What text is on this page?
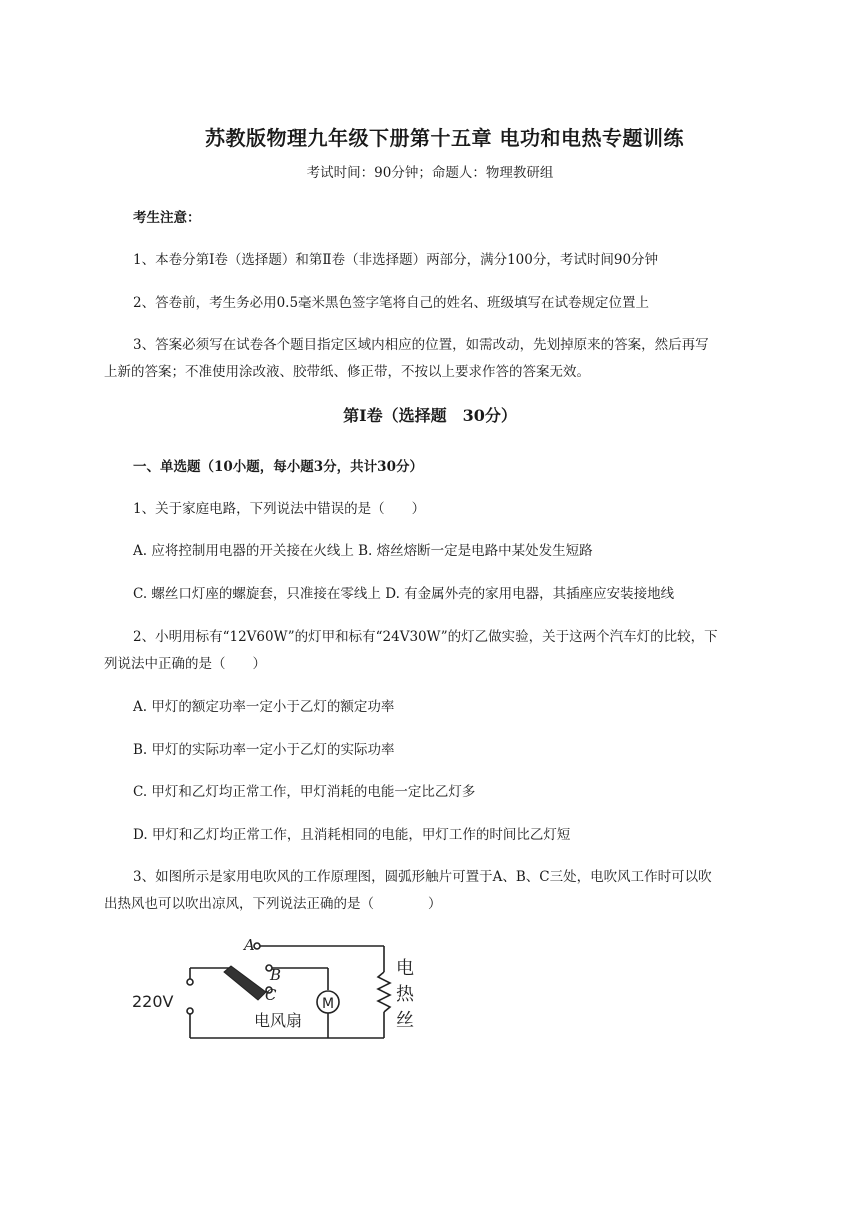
苏教版物理九年级下册第十五章 电功和电热专题训练
考试时间：90分钟；命题人：物理教研组
考生注意：
1、本卷分第Ⅰ卷（选择题）和第Ⅱ卷（非选择题）两部分，满分100分，考试时间90分钟
2、答卷前，考生务必用0.5毫米黑色签字笔将自己的姓名、班级填写在试卷规定位置上
3、答案必须写在试卷各个题目指定区域内相应的位置，如需改动，先划掉原来的答案，然后再写
上新的答案；不准使用涂改液、胶带纸、修正带，不按以上要求作答的答案无效。
第Ⅰ卷（选择题　30分）
一、单选题（10小题，每小题3分，共计30分）
1、关于家庭电路，下列说法中错误的是（　　）
A. 应将控制用电器的开关接在火线上 B. 熔丝熔断一定是电路中某处发生短路
C. 螺丝口灯座的螺旋套，只准接在零线上 D. 有金属外壳的家用电器，其插座应安装接地线
2、小明用标有“12V60W”的灯甲和标有“24V30W”的灯乙做实验，关于这两个汽车灯的比较，下
列说法中正确的是（　　）
A. 甲灯的额定功率一定小于乙灯的额定功率
B. 甲灯的实际功率一定小于乙灯的实际功率
C. 甲灯和乙灯均正常工作，甲灯消耗的电能一定比乙灯多
D. 甲灯和乙灯均正常工作，且消耗相同的电能，甲灯工作的时间比乙灯短
3、如图所示是家用电吹风的工作原理图，圆弧形触片可置于A、B、C三处，电吹风工作时可以吹
出热风也可以吹出凉风，下列说法正确的是（　　　　）
A
B
C
220V	M
电风扇
电
热
丝
